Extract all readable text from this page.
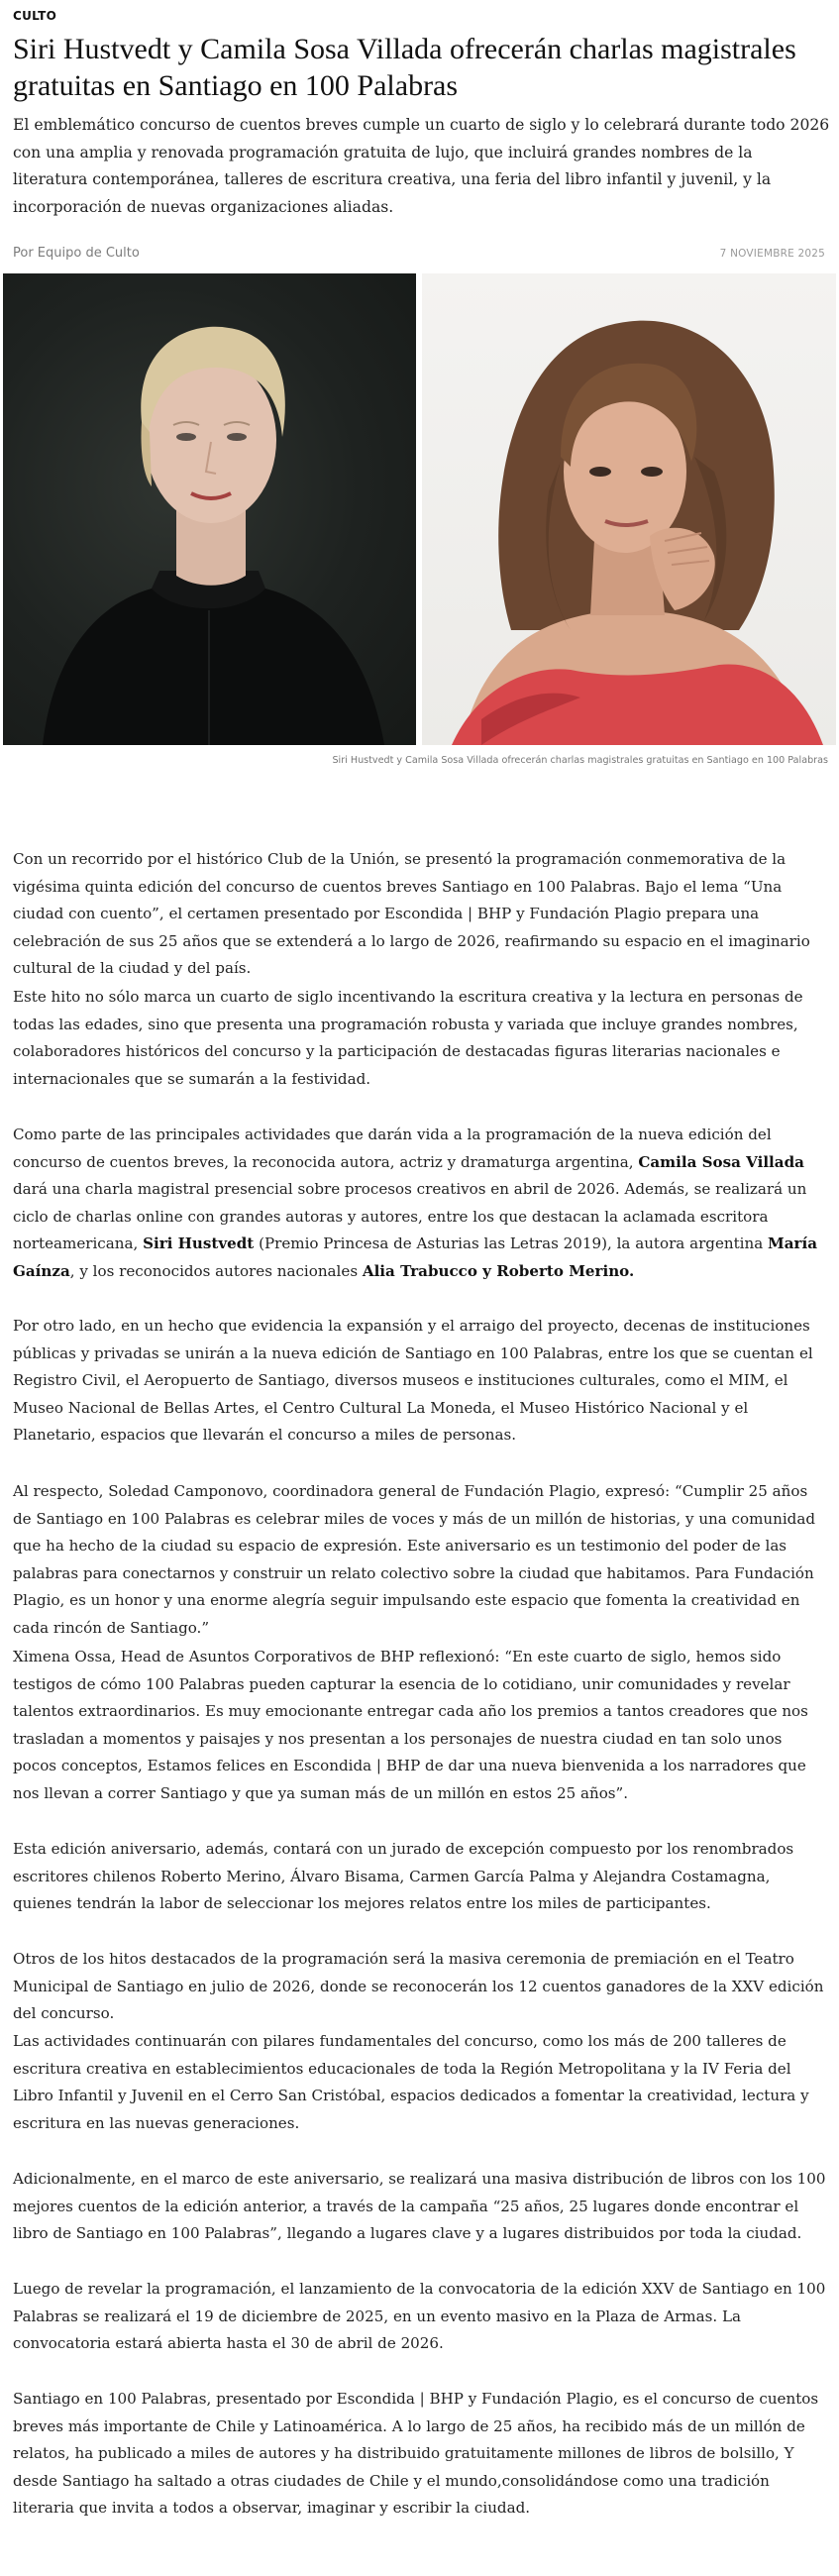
CULTO
Siri Hustvedt y Camila Sosa Villada ofrecerán charlas magistrales gratuitas en Santiago en 100 Palabras

El emblemático concurso de cuentos breves cumple un cuarto de siglo y lo celebrará durante todo 2026 con una amplia y renovada programación gratuita de lujo, que incluirá grandes nombres de la literatura contemporánea, talleres de escritura creativa, una feria del libro infantil y juvenil, y la incorporación de nuevas organizaciones aliadas.

Por Equipo de Culto	7 NOVIEMBRE 2025
Siri Hustvedt y Camila Sosa Villada ofrecerán charlas magistrales gratuitas en Santiago en 100 Palabras

Con un recorrido por el histórico Club de la Unión, se presentó la programación conmemorativa de la vigésima quinta edición del concurso de cuentos breves Santiago en 100 Palabras. Bajo el lema “Una ciudad con cuento”, el certamen presentado por Escondida | BHP y Fundación Plagio prepara una celebración de sus 25 años que se extenderá a lo largo de 2026, reafirmando su espacio en el imaginario cultural de la ciudad y del país.

Este hito no sólo marca un cuarto de siglo incentivando la escritura creativa y la lectura en personas de todas las edades, sino que presenta una programación robusta y variada que incluye grandes nombres, colaboradores históricos del concurso y la participación de destacadas figuras literarias nacionales e internacionales que se sumarán a la festividad.

Como parte de las principales actividades que darán vida a la programación de la nueva edición del concurso de cuentos breves, la reconocida autora, actriz y dramaturga argentina, Camila Sosa Villada dará una charla magistral presencial sobre procesos creativos en abril de 2026. Además, se realizará un ciclo de charlas online con grandes autoras y autores, entre los que destacan la aclamada escritora norteamericana, Siri Hustvedt (Premio Princesa de Asturias las Letras 2019), la autora argentina María Gaínza, y los reconocidos autores nacionales Alia Trabucco y Roberto Merino.

Por otro lado, en un hecho que evidencia la expansión y el arraigo del proyecto, decenas de instituciones públicas y privadas se unirán a la nueva edición de Santiago en 100 Palabras, entre los que se cuentan el Registro Civil, el Aeropuerto de Santiago, diversos museos e instituciones culturales, como el MIM, el Museo Nacional de Bellas Artes, el Centro Cultural La Moneda, el Museo Histórico Nacional y el Planetario, espacios que llevarán el concurso a miles de personas.

Al respecto, Soledad Camponovo, coordinadora general de Fundación Plagio, expresó: “Cumplir 25 años de Santiago en 100 Palabras es celebrar miles de voces y más de un millón de historias, y una comunidad que ha hecho de la ciudad su espacio de expresión. Este aniversario es un testimonio del poder de las palabras para conectarnos y construir un relato colectivo sobre la ciudad que habitamos. Para Fundación Plagio, es un honor y una enorme alegría seguir impulsando este espacio que fomenta la creatividad en cada rincón de Santiago.”

Ximena Ossa, Head de Asuntos Corporativos de BHP reflexionó: “En este cuarto de siglo, hemos sido testigos de cómo 100 Palabras pueden capturar la esencia de lo cotidiano, unir comunidades y revelar talentos extraordinarios. Es muy emocionante entregar cada año los premios a tantos creadores que nos trasladan a momentos y paisajes y nos presentan a los personajes de nuestra ciudad en tan solo unos pocos conceptos, Estamos felices en Escondida | BHP de dar una nueva bienvenida a los narradores que nos llevan a correr Santiago y que ya suman más de un millón en estos 25 años”.

Esta edición aniversario, además, contará con un jurado de excepción compuesto por los renombrados escritores chilenos Roberto Merino, Álvaro Bisama, Carmen García Palma y Alejandra Costamagna, quienes tendrán la labor de seleccionar los mejores relatos entre los miles de participantes.

Otros de los hitos destacados de la programación será la masiva ceremonia de premiación en el Teatro Municipal de Santiago en julio de 2026, donde se reconocerán los 12 cuentos ganadores de la XXV edición del concurso.

Las actividades continuarán con pilares fundamentales del concurso, como los más de 200 talleres de escritura creativa en establecimientos educacionales de toda la Región Metropolitana y la IV Feria del Libro Infantil y Juvenil en el Cerro San Cristóbal, espacios dedicados a fomentar la creatividad, lectura y escritura en las nuevas generaciones.

Adicionalmente, en el marco de este aniversario, se realizará una masiva distribución de libros con los 100 mejores cuentos de la edición anterior, a través de la campaña “25 años, 25 lugares donde encontrar el libro de Santiago en 100 Palabras”, llegando a lugares clave y a lugares distribuidos por toda la ciudad.

Luego de revelar la programación, el lanzamiento de la convocatoria de la edición XXV de Santiago en 100 Palabras se realizará el 19 de diciembre de 2025, en un evento masivo en la Plaza de Armas. La convocatoria estará abierta hasta el 30 de abril de 2026.

Santiago en 100 Palabras, presentado por Escondida | BHP y Fundación Plagio, es el concurso de cuentos breves más importante de Chile y Latinoamérica. A lo largo de 25 años, ha recibido más de un millón de relatos, ha publicado a miles de autores y ha distribuido gratuitamente millones de libros de bolsillo, Y desde Santiago ha saltado a otras ciudades de Chile y el mundo,consolidándose como una tradición literaria que invita a todos a observar, imaginar y escribir la ciudad.
